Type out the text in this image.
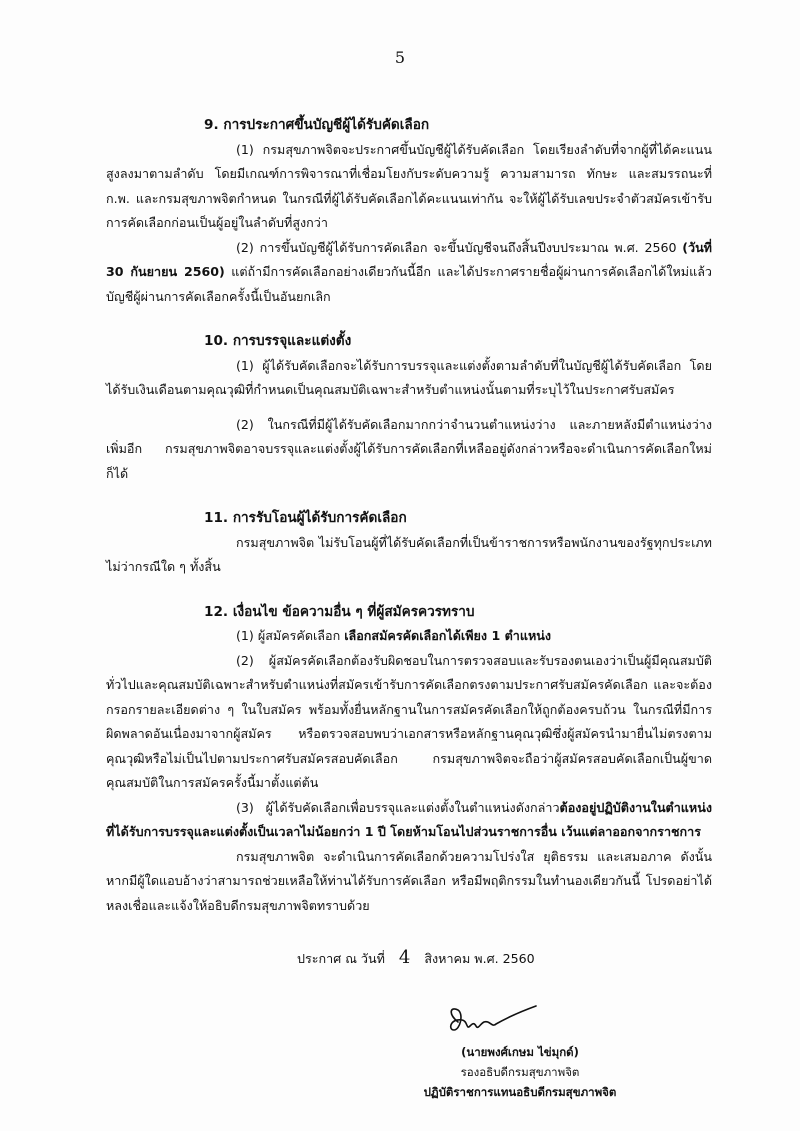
5
9. การประกาศขึ้นบัญชีผู้ได้รับคัดเลือก
(1) กรมสุขภาพจิตจะประกาศขึ้นบัญชีผู้ได้รับคัดเลือก โดยเรียงลำดับที่จากผู้ที่ได้คะแนนสูงลงมาตามลำดับ โดยมีเกณฑ์การพิจารณาที่เชื่อมโยงกับระดับความรู้ ความสามารถ ทักษะ และสมรรถนะที่ ก.พ. และกรมสุขภาพจิตกำหนด ในกรณีที่ผู้ได้รับคัดเลือกได้คะแนนเท่ากัน จะให้ผู้ได้รับเลขประจำตัวสมัครเข้ารับการคัดเลือกก่อนเป็นผู้อยู่ในลำดับที่สูงกว่า
(2) การขึ้นบัญชีผู้ได้รับการคัดเลือก จะขึ้นบัญชีจนถึงสิ้นปีงบประมาณ พ.ศ. 2560 (วันที่ 30 กันยายน 2560) แต่ถ้ามีการคัดเลือกอย่างเดียวกันนี้อีก และได้ประกาศรายชื่อผู้ผ่านการคัดเลือกได้ใหม่แล้ว บัญชีผู้ผ่านการคัดเลือกครั้งนี้เป็นอันยกเลิก
10. การบรรจุและแต่งตั้ง
(1) ผู้ได้รับคัดเลือกจะได้รับการบรรจุและแต่งตั้งตามลำดับที่ในบัญชีผู้ได้รับคัดเลือก โดยได้รับเงินเดือนตามคุณวุฒิที่กำหนดเป็นคุณสมบัติเฉพาะสำหรับตำแหน่งนั้นตามที่ระบุไว้ในประกาศรับสมัคร
(2) ในกรณีที่มีผู้ได้รับคัดเลือกมากกว่าจำนวนตำแหน่งว่าง และภายหลังมีตำแหน่งว่างเพิ่มอีก กรมสุขภาพจิตอาจบรรจุและแต่งตั้งผู้ได้รับการคัดเลือกที่เหลืออยู่ดังกล่าวหรือจะดำเนินการคัดเลือกใหม่ก็ได้
11. การรับโอนผู้ได้รับการคัดเลือก
กรมสุขภาพจิต ไม่รับโอนผู้ที่ได้รับคัดเลือกที่เป็นข้าราชการหรือพนักงานของรัฐทุกประเภทไม่ว่ากรณีใด ๆ ทั้งสิ้น
12. เงื่อนไข ข้อความอื่น ๆ ที่ผู้สมัครควรทราบ
(1) ผู้สมัครคัดเลือก เลือกสมัครคัดเลือกได้เพียง 1 ตำแหน่ง
(2) ผู้สมัครคัดเลือกต้องรับผิดชอบในการตรวจสอบและรับรองตนเองว่าเป็นผู้มีคุณสมบัติทั่วไปและคุณสมบัติเฉพาะสำหรับตำแหน่งที่สมัครเข้ารับการคัดเลือกตรงตามประกาศรับสมัครคัดเลือก และจะต้องกรอกรายละเอียดต่าง ๆ ในใบสมัคร พร้อมทั้งยื่นหลักฐานในการสมัครคัดเลือกให้ถูกต้องครบถ้วน ในกรณีที่มีการผิดพลาดอันเนื่องมาจากผู้สมัคร หรือตรวจสอบพบว่าเอกสารหรือหลักฐานคุณวุฒิซึ่งผู้สมัครนำมายื่นไม่ตรงตามคุณวุฒิหรือไม่เป็นไปตามประกาศรับสมัครสอบคัดเลือก กรมสุขภาพจิตจะถือว่าผู้สมัครสอบคัดเลือกเป็นผู้ขาดคุณสมบัติในการสมัครครั้งนี้มาตั้งแต่ต้น
(3) ผู้ได้รับคัดเลือกเพื่อบรรจุและแต่งตั้งในตำแหน่งดังกล่าวต้องอยู่ปฏิบัติงานในตำแหน่งที่ได้รับการบรรจุและแต่งตั้งเป็นเวลาไม่น้อยกว่า 1 ปี โดยห้ามโอนไปส่วนราชการอื่น เว้นแต่ลาออกจากราชการ
กรมสุขภาพจิต จะดำเนินการคัดเลือกด้วยความโปร่งใส ยุติธรรม และเสมอภาค ดังนั้น หากมีผู้ใดแอบอ้างว่าสามารถช่วยเหลือให้ท่านได้รับการคัดเลือก หรือมีพฤติกรรมในทำนองเดียวกันนี้ โปรดอย่าได้หลงเชื่อและแจ้งให้อธิบดีกรมสุขภาพจิตทราบด้วย
ประกาศ ณ วันที่ 4 สิงหาคม พ.ศ. 2560
(นายพงศ์เกษม ไข่มุกด์)
รองอธิบดีกรมสุขภาพจิต
ปฏิบัติราชการแทนอธิบดีกรมสุขภาพจิต
